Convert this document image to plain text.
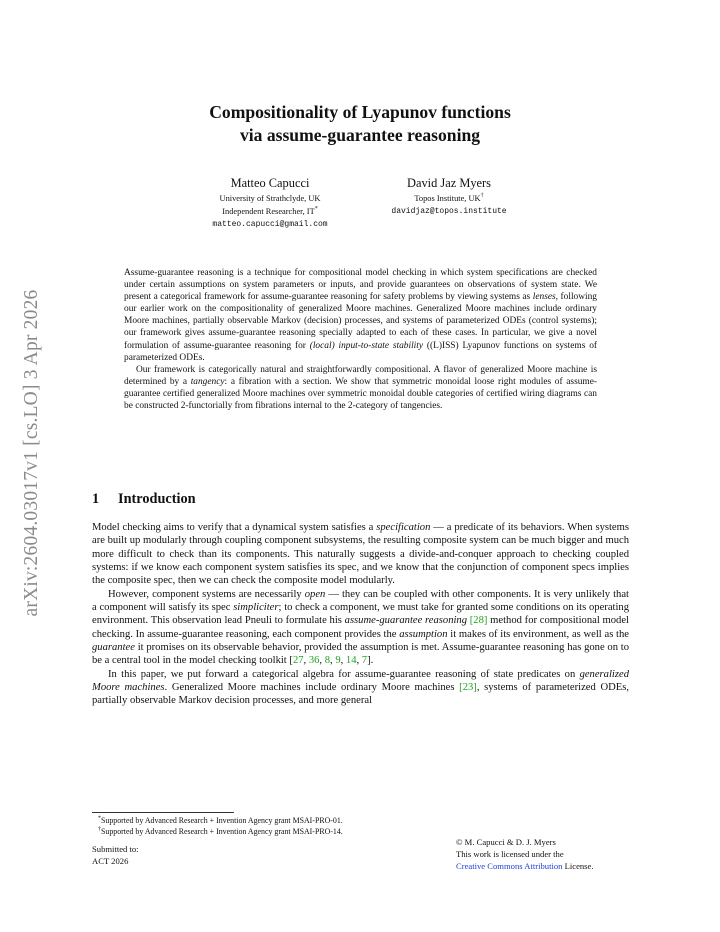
arXiv:2604.03017v1 [cs.LO] 3 Apr 2026
Compositionality of Lyapunov functions
via assume-guarantee reasoning
Matteo Capucci
University of Strathclyde, UK
Independent Researcher, IT*
matteo.capucci@gmail.com
David Jaz Myers
Topos Institute, UK†
davidjaz@topos.institute

Assume-guarantee reasoning is a technique for compositional model checking in which system specifications are checked under certain assumptions on system parameters or inputs, and provide guarantees on observations of system state. We present a categorical framework for assume-guarantee reasoning for safety problems by viewing systems as lenses, following our earlier work on the compositionality of generalized Moore machines. Generalized Moore machines include ordinary Moore machines, partially observable Markov (decision) processes, and systems of parameterized ODEs (control systems); our framework gives assume-guarantee reasoning specially adapted to each of these cases. In particular, we give a novel formulation of assume-guarantee reasoning for (local) input-to-state stability ((L)ISS) Lyapunov functions on systems of parameterized ODEs.

Our framework is categorically natural and straightforwardly compositional. A flavor of generalized Moore machine is determined by a tangency: a fibration with a section. We show that symmetric monoidal loose right modules of assume-guarantee certified generalized Moore machines over symmetric monoidal double categories of certified wiring diagrams can be constructed 2-functorially from fibrations internal to the 2-category of tangencies.

1 Introduction

Model checking aims to verify that a dynamical system satisfies a specification — a predicate of its behaviors. When systems are built up modularly through coupling component subsystems, the resulting composite system can be much bigger and much more difficult to check than its components. This naturally suggests a divide-and-conquer approach to checking coupled systems: if we know each component system satisfies its spec, and we know that the conjunction of component specs implies the composite spec, then we can check the composite model modularly.

However, component systems are necessarily open — they can be coupled with other components. It is very unlikely that a component will satisfy its spec simpliciter; to check a component, we must take for granted some conditions on its operating environment. This observation lead Pneuli to formulate his assume-guarantee reasoning [28] method for compositional model checking. In assume-guarantee reasoning, each component provides the assumption it makes of its environment, as well as the guarantee it promises on its observable behavior, provided the assumption is met. Assume-guarantee reasoning has gone on to be a central tool in the model checking toolkit [27, 36, 8, 9, 14, 7].

In this paper, we put forward a categorical algebra for assume-guarantee reasoning of state predicates on generalized Moore machines. Generalized Moore machines include ordinary Moore machines [23], systems of parameterized ODEs, partially observable Markov decision processes, and more general

*Supported by Advanced Research + Invention Agency grant MSAI-PRO-01.
†Supported by Advanced Research + Invention Agency grant MSAI-PRO-14.
Submitted to:
ACT 2026
© M. Capucci & D. J. Myers
This work is licensed under the
Creative Commons Attribution License.
